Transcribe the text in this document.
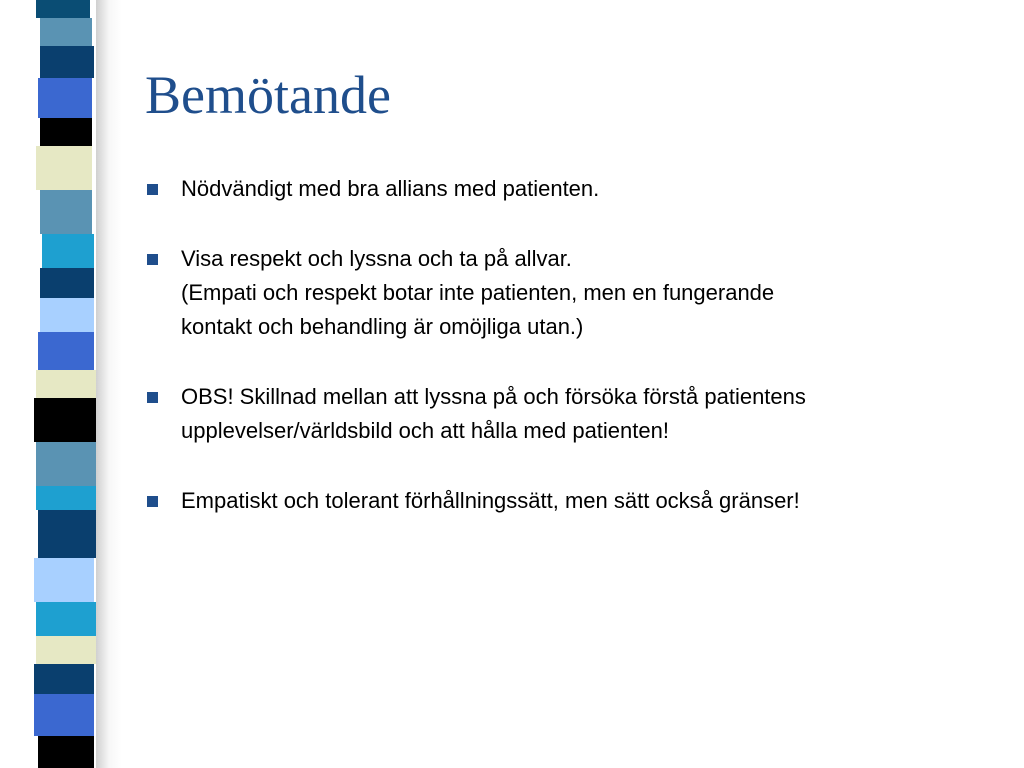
Bemötande
Nödvändigt med bra allians med patienten.
Visa respekt och lyssna och ta på allvar.
(Empati och respekt botar inte patienten, men en fungerande
kontakt och behandling är omöjliga utan.)
OBS! Skillnad mellan att lyssna på och försöka förstå patientens
upplevelser/världsbild och att hålla med patienten!
Empatiskt och tolerant förhållningssätt, men sätt också gränser!
